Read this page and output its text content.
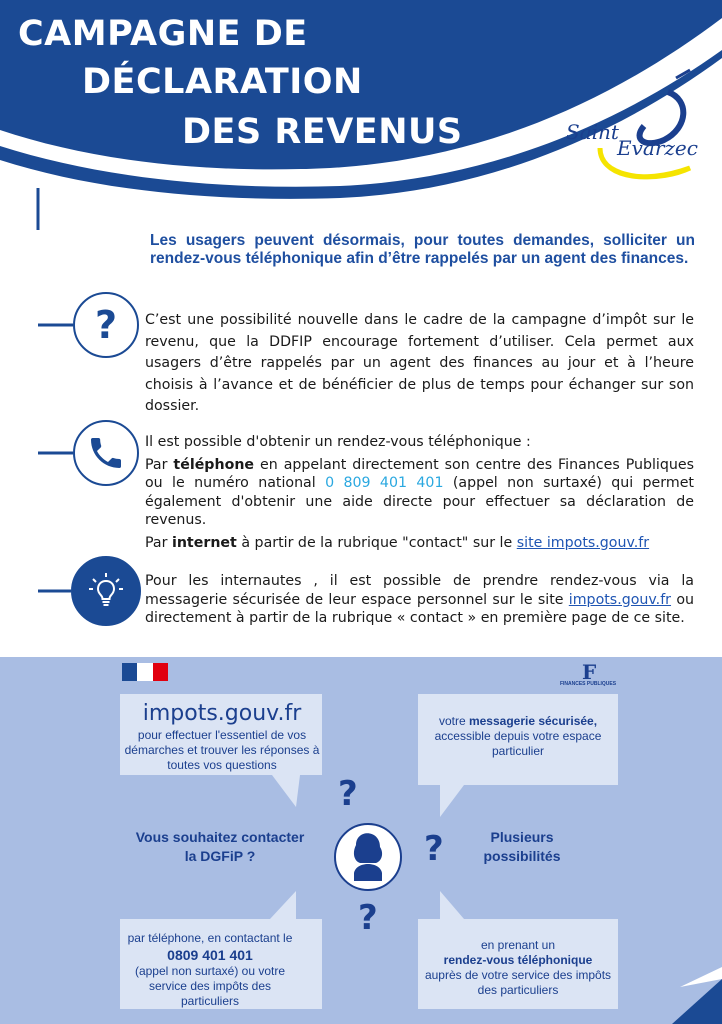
CAMPAGNE DE
DÉCLARATION
DES REVENUS	Saint
Evarzec
Les usagers peuvent désormais, pour toutes demandes, solliciter un rendez-vous téléphonique afin d’être rappelés par un agent des finances.
? C’est une possibilité nouvelle dans le cadre de la campagne d’impôt sur le revenu, que la DDFIP encourage fortement d’utiliser. Cela permet aux usagers d’être rappelés par un agent des finances au jour et à l’heure choisis à l’avance et de bénéficier de plus de temps pour échanger sur son dossier.

Il est possible d'obtenir un rendez-vous téléphonique :

Par téléphone en appelant directement son centre des Finances Publiques ou le numéro national 0 809 401 401 (appel non surtaxé) qui permet également d'obtenir une aide directe pour effectuer sa déclaration de revenus.

Par internet à partir de la rubrique "contact" sur le site impots.gouv.fr

Pour les internautes , il est possible de prendre rendez-vous via la messagerie sécurisée de leur espace personnel sur le site impots.gouv.fr ou directement à partir de la rubrique « contact » en première page de ce site.
F
?
?
?
FINANCES PUBLIQUES
impots.gouv.fr
pour effectuer l'essentiel de vos démarches et trouver les réponses à toutes vos questions
votre messagerie sécurisée,
accessible depuis votre espace particulier
par téléphone, en contactant le
0809 401 401
(appel non surtaxé) ou votre service des impôts des particuliers
en prenant un
rendez-vous téléphonique
auprès de votre service des impôts des particuliers
Vous souhaitez contacter la DGFiP ?
Plusieurs possibilités
